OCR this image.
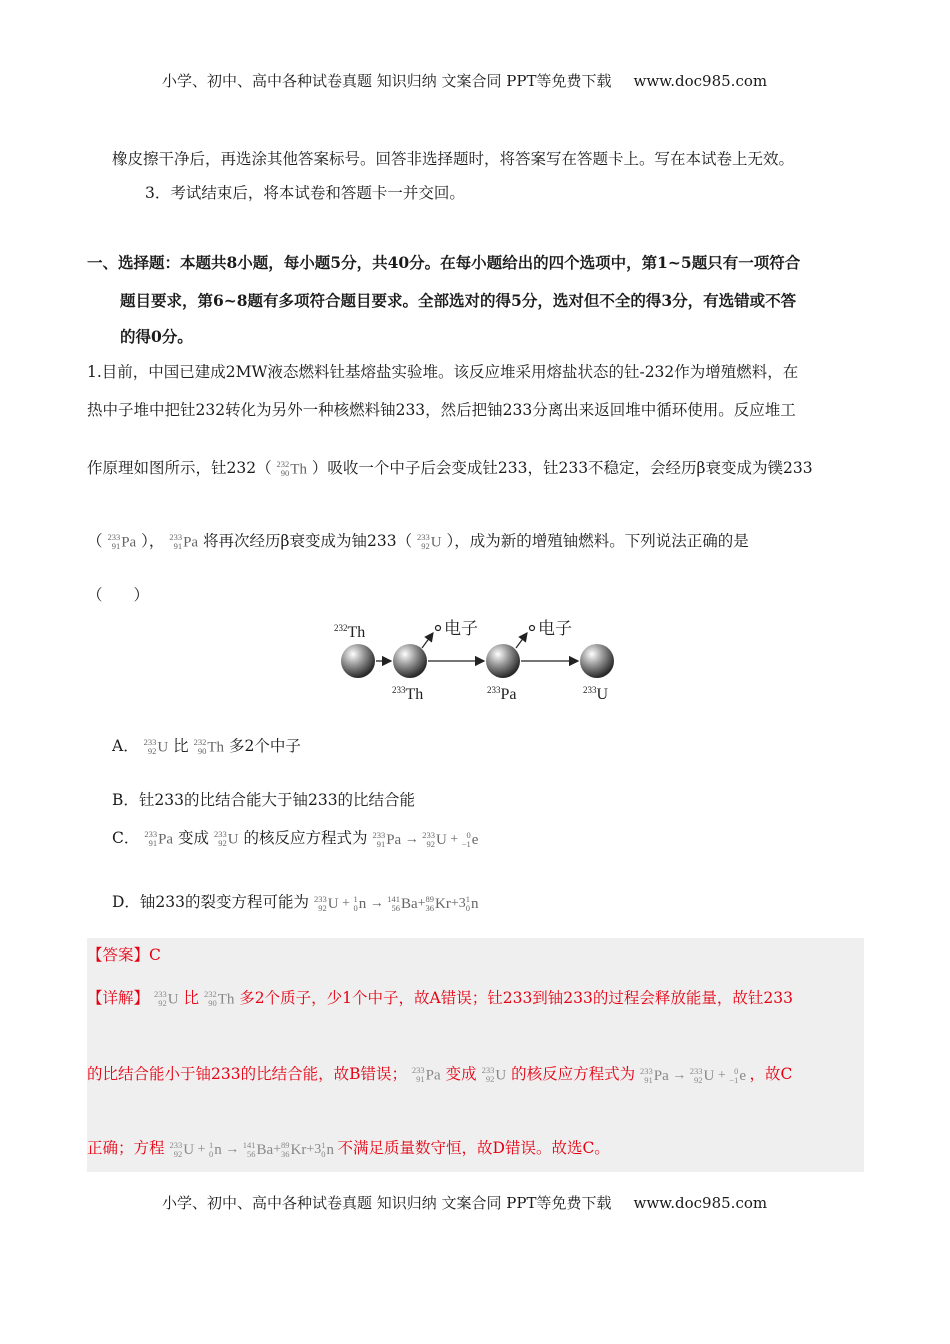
小学、初中、高中各种试卷真题 知识归纳 文案合同 PPT等免费下载 www.doc985.com
橡皮擦干净后，再选涂其他答案标号。回答非选择题时，将答案写在答题卡上。写在本试卷上无效。
3．考试结束后，将本试卷和答题卡一并交回。
一、选择题：本题共8小题，每小题5分，共40分。在每小题给出的四个选项中，第1~5题只有一项符合
题目要求，第6~8题有多项符合题目要求。全部选对的得5分，选对但不全的得3分，有选错或不答
的得0分。
1.目前，中国已建成2MW液态燃料钍基熔盐实验堆。该反应堆采用熔盐状态的钍-232作为增殖燃料，在
热中子堆中把钍232转化为另外一种核燃料铀233，然后把铀233分离出来返回堆中循环使用。反应堆工
作原理如图所示，钍232（ 232
90 Th ）吸收一个中子后会变成钍233，钍233不稳定，会经历β衰变成为镤233
（ 233
91 Pa ）， 233
91 Pa 将再次经历β衰变成为铀233（ 233
92 U ），成为新的增殖铀燃料。下列说法正确的是
（　　）
$^{232}$Th	电子	电子
$^{233}$Th	$^{233}$Pa	$^{233}$U
A． 233
92 U 比 232
90 Th 多2个中子
B．钍233的比结合能大于铀233的比结合能
C． 233
91 Pa 变成 233
92 U 的核反应方程式为 233
91 Pa → 233
92 U + 0
−1 e
D．铀233的裂变方程可能为 233
92 U + 1
0 n → 141
56 Ba+ 89
36 Kr+3 1
0 n
【答案】C
【详解】 233
92 U 比 232
90 Th 多2个质子，少1个中子，故A错误；钍233到铀233的过程会释放能量，故钍233
的比结合能小于铀233的比结合能，故B错误； 233
91 Pa 变成 233
92 U 的核反应方程式为 233
91 Pa → 233
92 U + 0
−1 e ，故C
正确；方程 233
92 U + 1
0 n → 141
56 Ba+ 89
36 Kr+3 1
0 n 不满足质量数守恒，故D错误。故选C。
小学、初中、高中各种试卷真题 知识归纳 文案合同 PPT等免费下载 www.doc985.com
